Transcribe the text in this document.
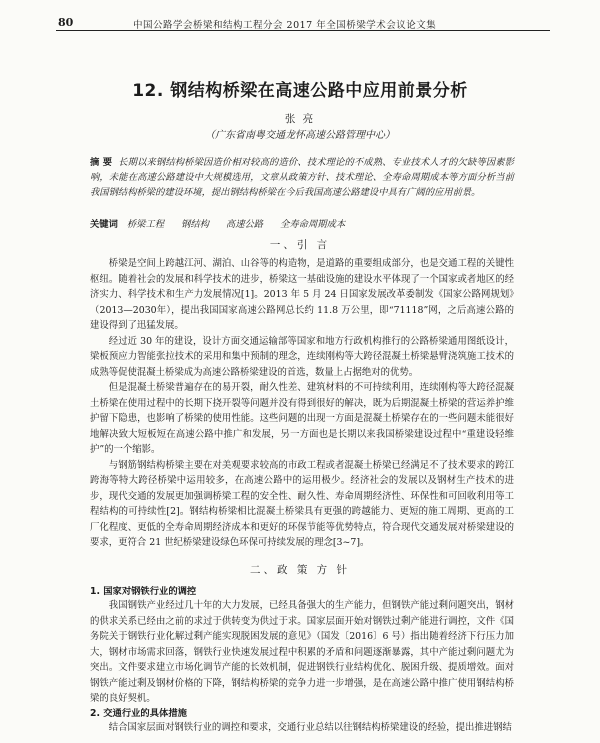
80	中国公路学会桥梁和结构工程分会 2017 年全国桥梁学术会议论文集
12. 钢结构桥梁在高速公路中应用前景分析
张 亮
（广东省南粤交通龙怀高速公路管理中心）
摘 要 长期以来钢结构桥梁因造价相对较高的造价、技术理论的不成熟、专业技术人才的欠缺等因素影响，未能在高速公路建设中大规模选用，文章从政策方针、技术理论、全寿命周期成本等方面分析当前我国钢结构桥梁的建设环境，提出钢结构桥梁在今后我国高速公路建设中具有广阔的应用前景。
关键词 桥梁工程 钢结构 高速公路 全寿命周期成本
一、引 言

桥梁是空间上跨越江河、湖泊、山谷等的构造物，是道路的重要组成部分，也是交通工程的关键性枢纽。随着社会的发展和科学技术的进步，桥梁这一基础设施的建设水平体现了一个国家或者地区的经济实力、科学技术和生产力发展情况[1]。2013 年 5 月 24 日国家发展改革委制发《国家公路网规划》（2013—2030年），提出我国国家高速公路网总长约 11.8 万公里，即“71118”网，之后高速公路的建设得到了迅猛发展。

经过近 30 年的建设，设计方面交通运输部等国家和地方行政机构推行的公路桥梁通用图纸设计，梁板预应力智能张拉技术的采用和集中预制的理念，连续刚构等大跨径混凝土桥梁悬臂浇筑施工技术的成熟等促使混凝土桥梁成为高速公路桥梁建设的首选，数量上占据绝对的优势。

但是混凝土桥梁普遍存在的易开裂，耐久性差、建筑材料的不可持续利用，连续刚构等大跨径混凝土桥梁在使用过程中的长期下挠开裂等问题并没有得到很好的解决，既为后期混凝土桥梁的营运养护维护留下隐患，也影响了桥梁的使用性能。这些问题的出现一方面是混凝土桥梁存在的一些问题未能很好地解决致大短板短在高速公路中推广和发展，另一方面也是长期以来我国桥梁建设过程中“重建设轻维护”的一个缩影。

与钢筋钢结构桥梁主要在对美观要求较高的市政工程或者混凝土桥梁已经满足不了技术要求的跨江跨海等特大跨径桥梁中运用较多，在高速公路中的运用极少。经济社会的发展以及钢材生产技术的进步，现代交通的发展更加强调桥梁工程的安全性、耐久性、寿命周期经济性、环保性和可回收利用等工程结构的可持续性[2]。钢结构桥梁相比混凝土桥梁具有更强的跨越能力、更短的施工周期、更高的工厂化程度、更低的全寿命周期经济成本和更好的环保节能等优势特点，符合现代交通发展对桥梁建设的要求，更符合 21 世纪桥梁建设绿色环保可持续发展的理念[3~7]。

二、政 策 方 针
1. 国家对钢铁行业的调控

我国钢铁产业经过几十年的大力发展，已经具备强大的生产能力，但钢铁产能过剩问题突出，钢材的供求关系已经由之前的求过于供转变为供过于求。国家层面开始对钢铁过剩产能进行调控，文件《国务院关于钢铁行业化解过剩产能实现脱困发展的意见》（国发〔2016〕6 号）指出随着经济下行压力加大，钢材市场需求回落，钢铁行业快速发展过程中积累的矛盾和问题逐渐暴露，其中产能过剩问题尤为突出。文件要求建立市场化调节产能的长效机制，促进钢铁行业结构优化、脱困升级、提质增效。面对钢铁产能过剩及钢材价格的下降，钢结构桥梁的竞争力进一步增强，是在高速公路中推广使用钢结构桥梁的良好契机。

2. 交通行业的具体措施

结合国家层面对钢铁行业的调控和要求，交通行业总结以往钢结构桥梁建设的经验，提出推进钢结
